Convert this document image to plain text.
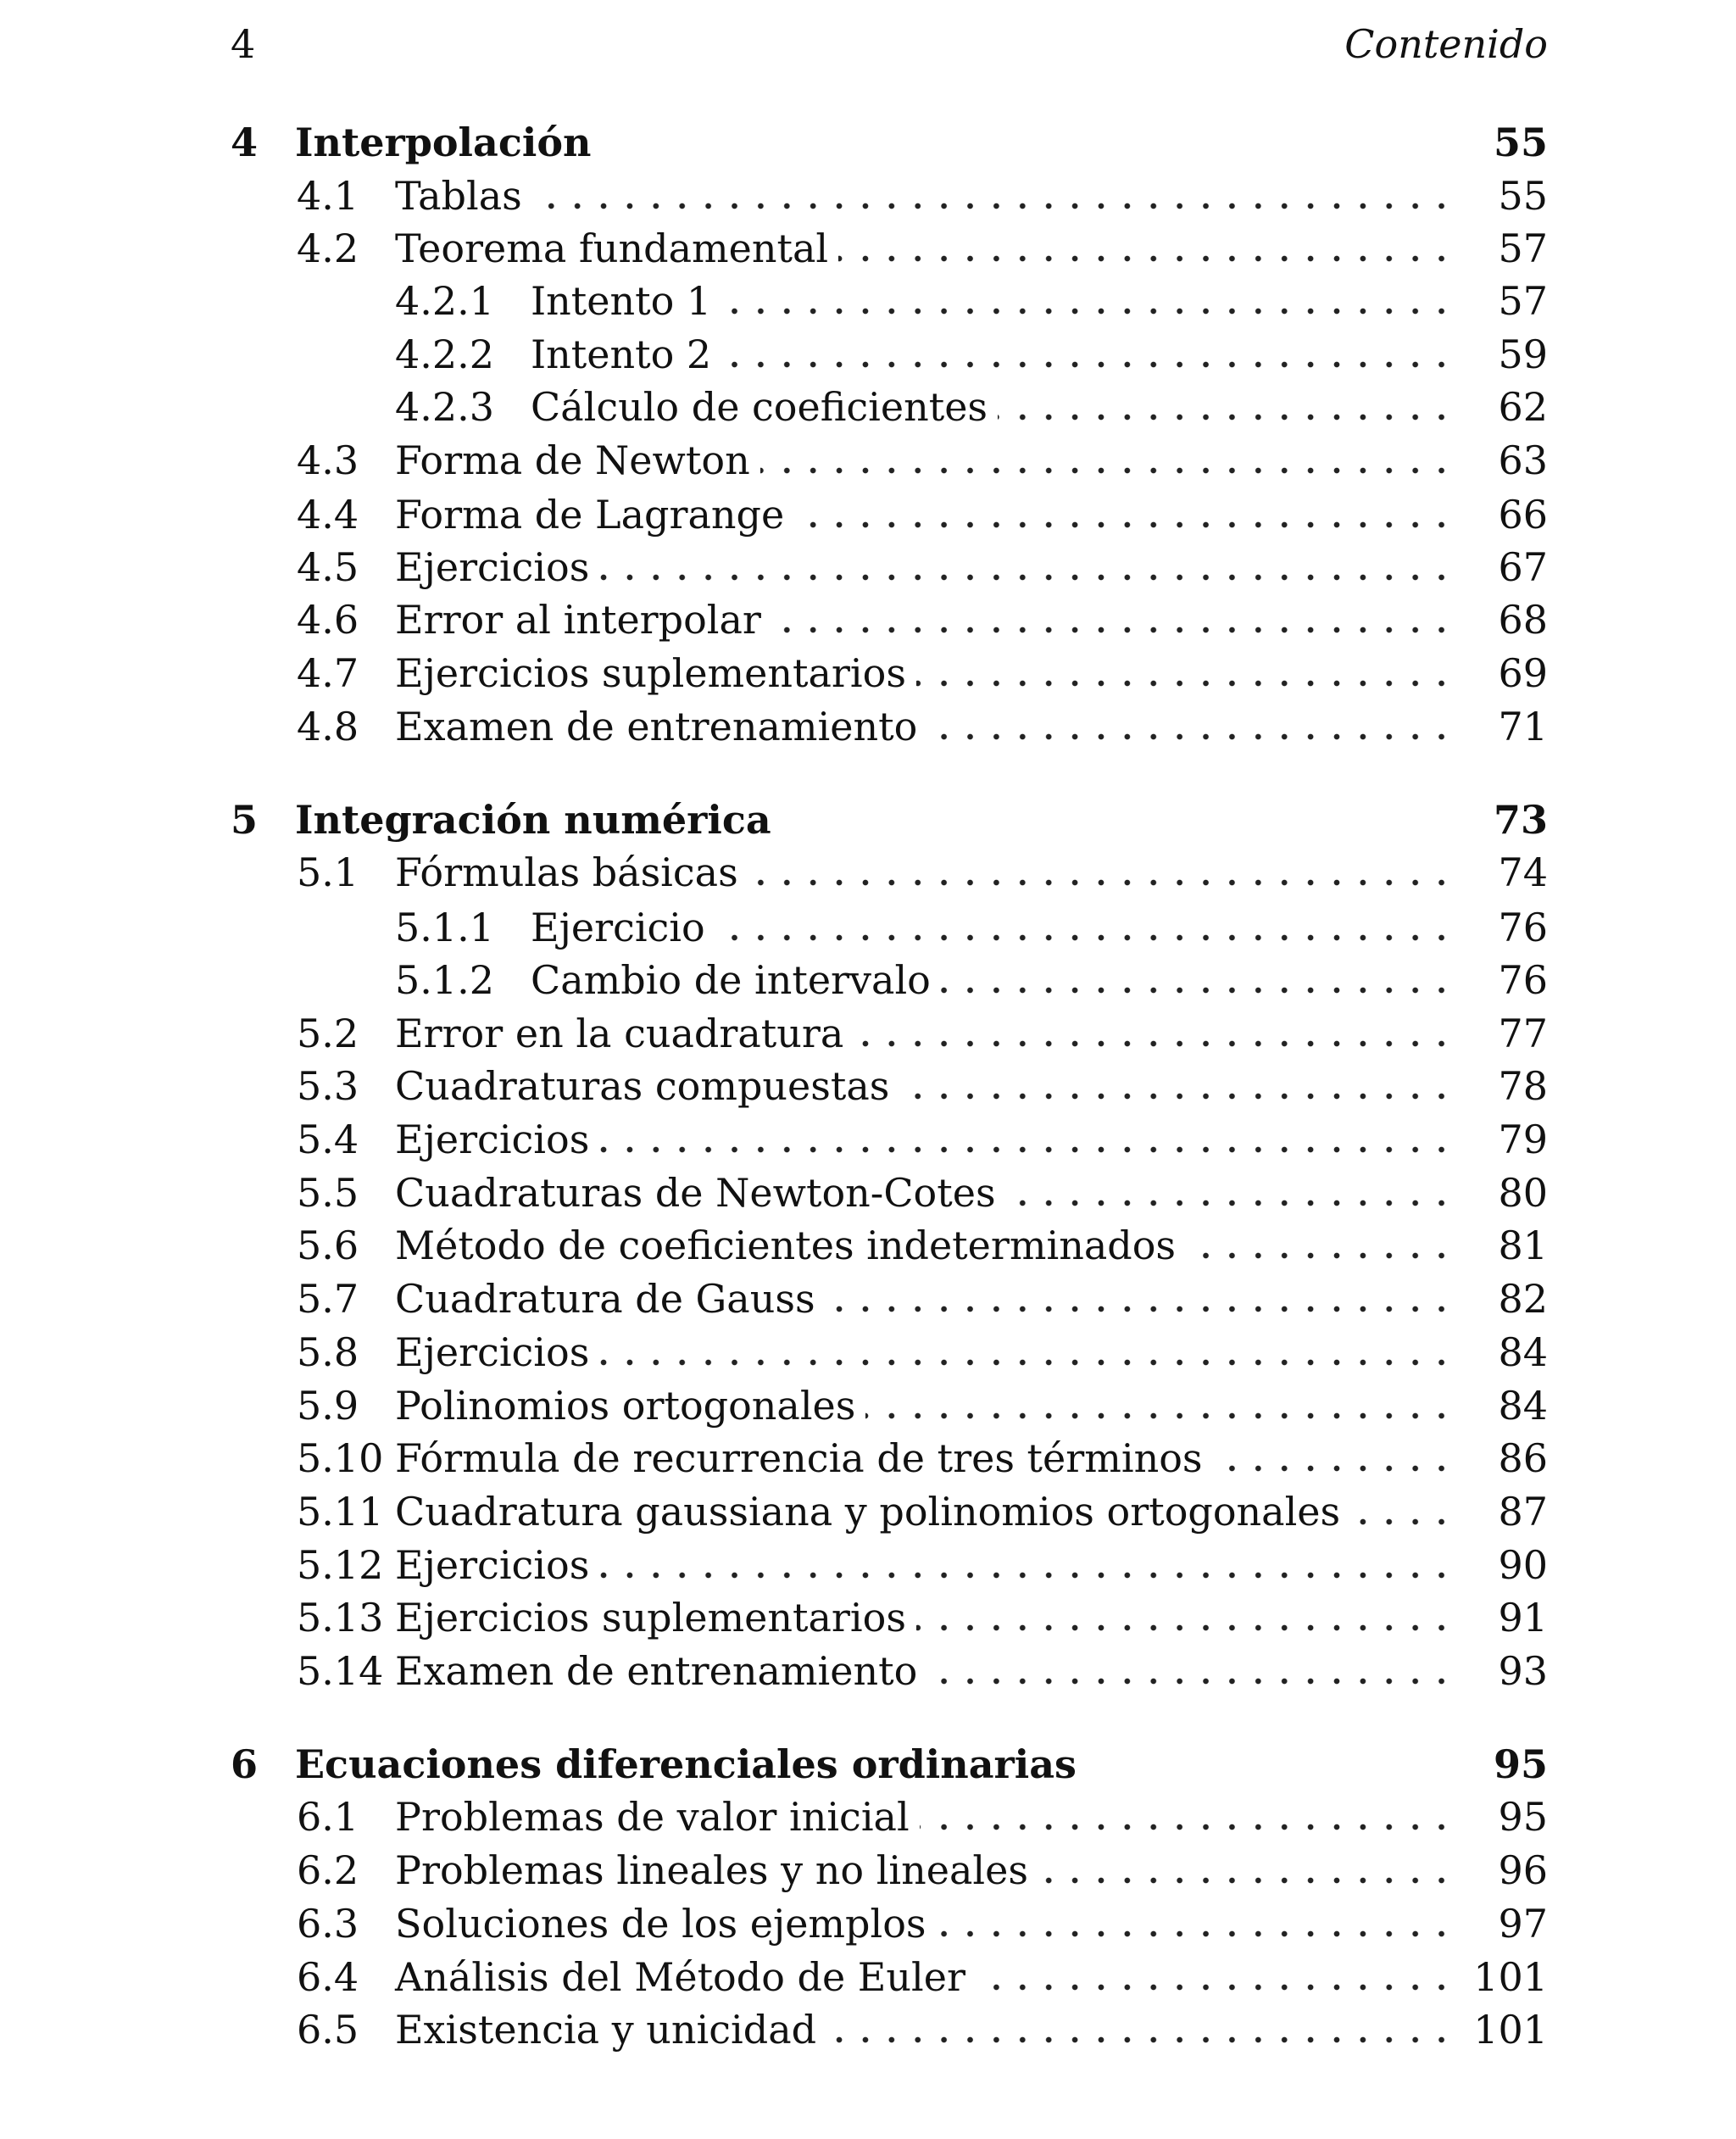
4	Contenido
4 Interpolación	55
4.1 Tablas	55
4.2 Teorema fundamental	57
4.2.1 Intento 1	57
4.2.2 Intento 2	59
4.2.3 Cálculo de coeficientes	62
4.3 Forma de Newton	63
4.4 Forma de Lagrange	66
4.5 Ejercicios	67
4.6 Error al interpolar	68
4.7 Ejercicios suplementarios	69
4.8 Examen de entrenamiento	71
5 Integración numérica	73
5.1 Fórmulas básicas	74
5.1.1 Ejercicio	76
5.1.2 Cambio de intervalo	76
5.2 Error en la cuadratura	77
5.3 Cuadraturas compuestas	78
5.4 Ejercicios	79
5.5 Cuadraturas de Newton-Cotes	80
5.6 Método de coeficientes indeterminados	81
5.7 Cuadratura de Gauss	82
5.8 Ejercicios	84
5.9 Polinomios ortogonales	84
5.10 Fórmula de recurrencia de tres términos	86
5.11 Cuadratura gaussiana y polinomios ortogonales	87
5.12 Ejercicios	90
5.13 Ejercicios suplementarios	91
5.14 Examen de entrenamiento	93
6 Ecuaciones diferenciales ordinarias	95
6.1 Problemas de valor inicial	95
6.2 Problemas lineales y no lineales	96
6.3 Soluciones de los ejemplos	97
6.4 Análisis del Método de Euler	101
6.5 Existencia y unicidad	101
